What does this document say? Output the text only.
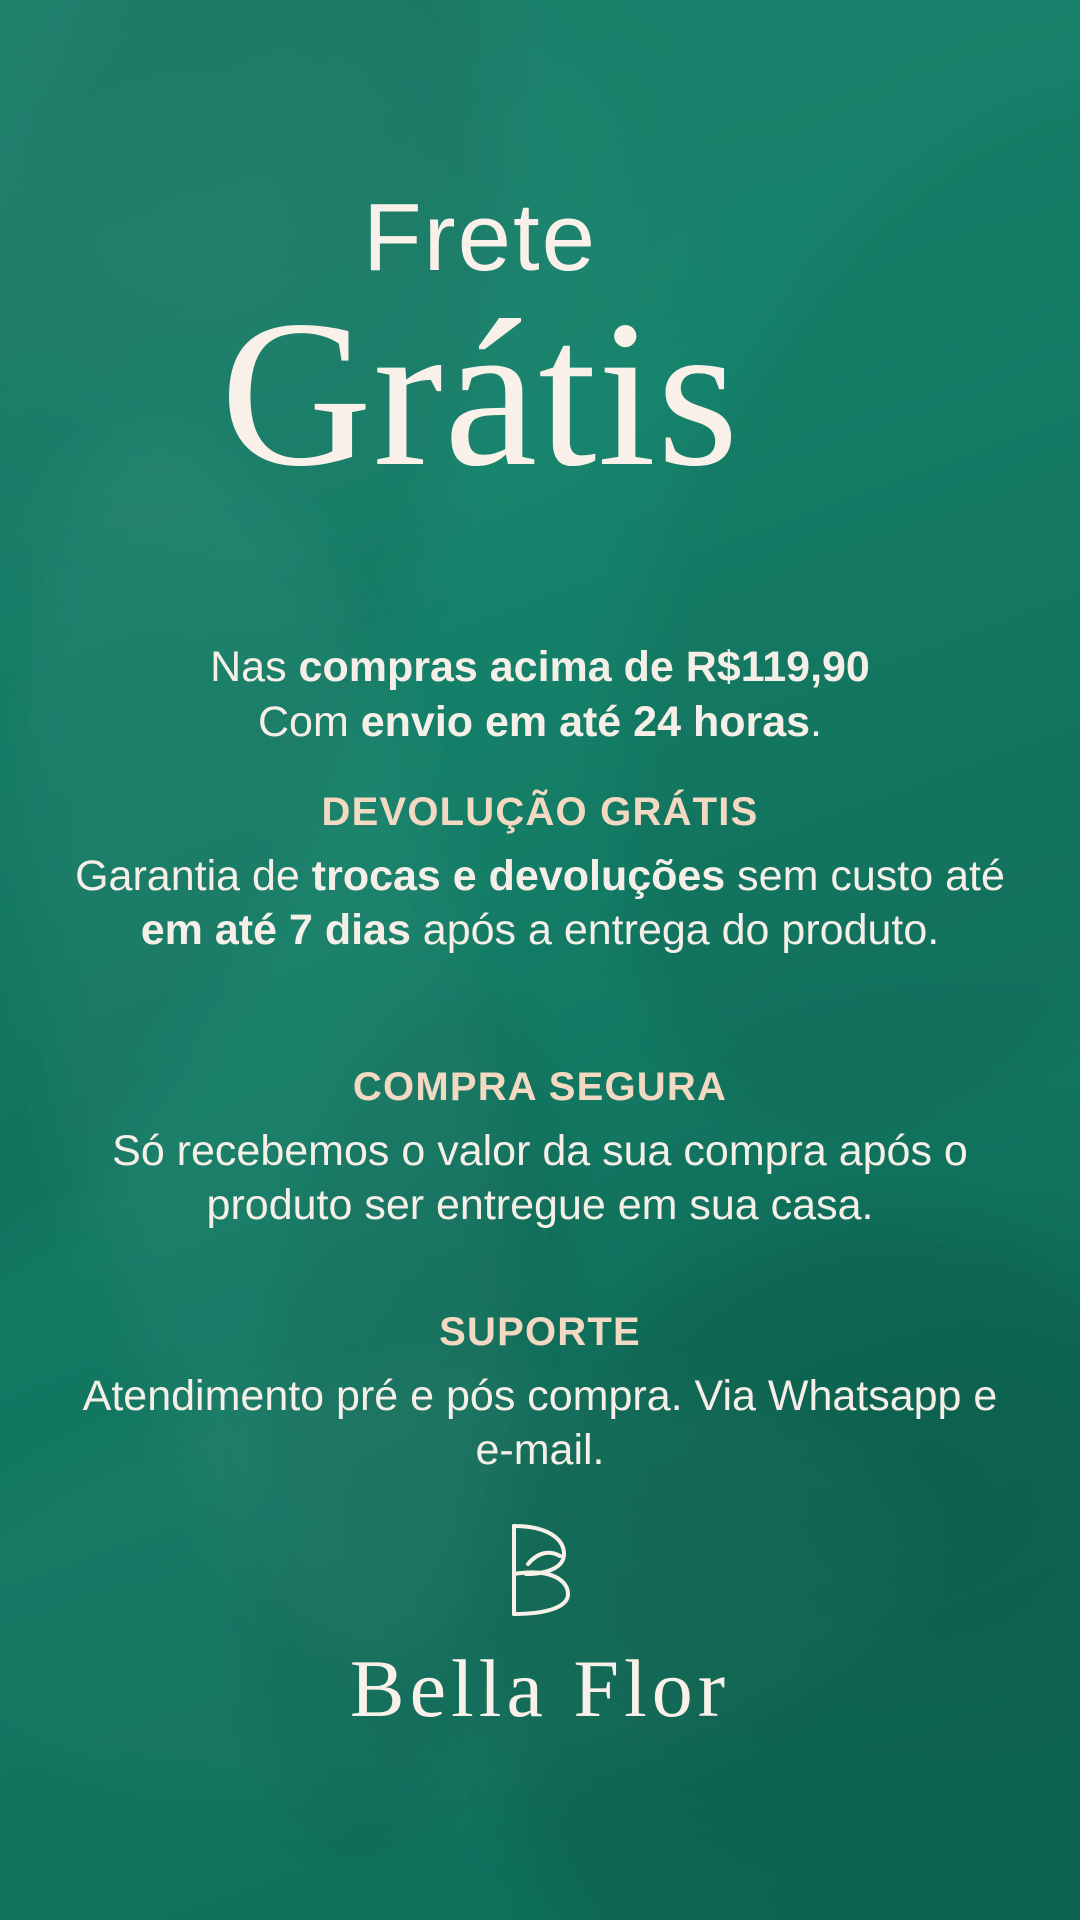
Frete
Grátis
Nas compras acima de R$119,90
Com envio em até 24 horas.
DEVOLUÇÃO GRÁTIS
Garantia de trocas e devoluções sem custo até em até 7 dias após a entrega do produto.
COMPRA SEGURA
Só recebemos o valor da sua compra após o produto ser entregue em sua casa.
SUPORTE
Atendimento pré e pós compra. Via Whatsapp e e-mail.
Bella Flor
